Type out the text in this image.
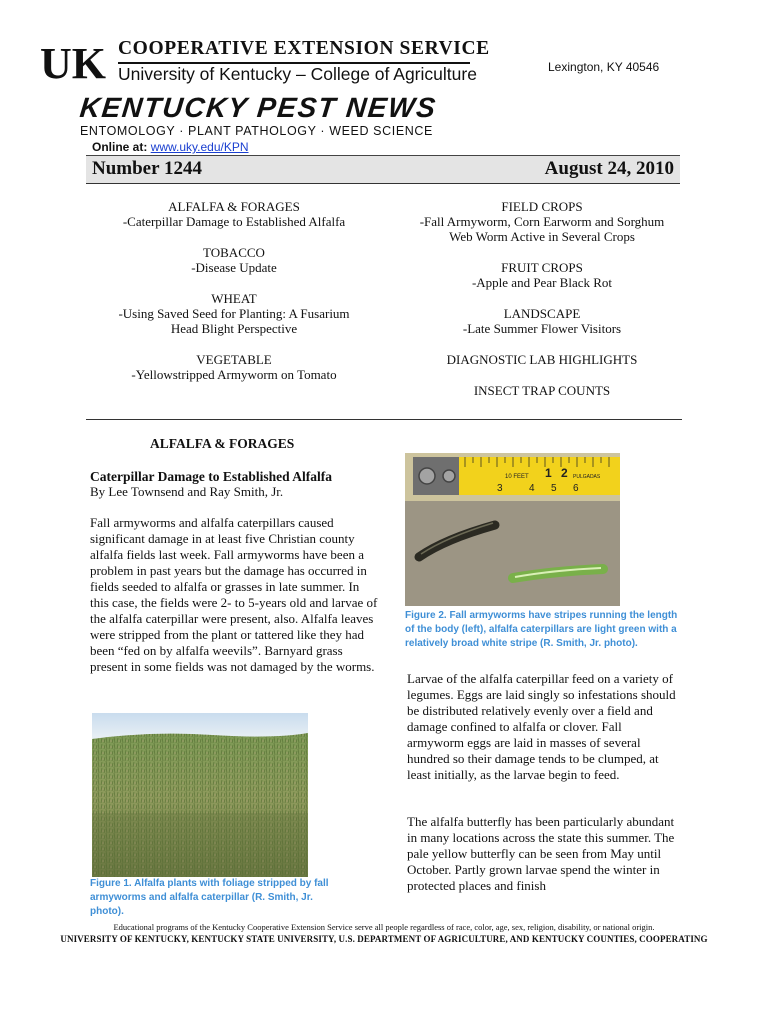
UK COOPERATIVE EXTENSION SERVICE
University of Kentucky – College of Agriculture	Lexington, KY 40546
KENTUCKY PEST NEWS
ENTOMOLOGY · PLANT PATHOLOGY · WEED SCIENCE
Online at: www.uky.edu/KPN
Number 1244	August 24, 2010
ALFALFA & FORAGES
-Caterpillar Damage to Established Alfalfa
TOBACCO
-Disease Update
WHEAT
-Using Saved Seed for Planting: A Fusarium
Head Blight Perspective
VEGETABLE
-Yellowstripped Armyworm on Tomato
FIELD CROPS
-Fall Armyworm, Corn Earworm and Sorghum
Web Worm Active in Several Crops
FRUIT CROPS
-Apple and Pear Black Rot
LANDSCAPE
-Late Summer Flower Visitors
DIAGNOSTIC LAB HIGHLIGHTS
INSECT TRAP COUNTS
ALFALFA & FORAGES
Caterpillar Damage to Established Alfalfa
By Lee Townsend and Ray Smith, Jr.
Fall armyworms and alfalfa caterpillars caused significant damage in at least five Christian county alfalfa fields last week. Fall armyworms have been a problem in past years but the damage has occurred in fields seeded to alfalfa or grasses in late summer. In this case, the fields were 2- to 5-years old and larvae of the alfalfa caterpillar were present, also. Alfalfa leaves were stripped from the plant or tattered like they had been “fed on by alfalfa weevils”. Barnyard grass present in some fields was not damaged by the worms.
Figure 1. Alfalfa plants with foliage stripped by fall armyworms and alfalfa caterpillar (R. Smith, Jr. photo).
10 FEET	PULGADAS
1 2
3	4 5 6
Figure 2. Fall armyworms have stripes running the length of the body (left), alfalfa caterpillars are light green with a relatively broad white stripe (R. Smith, Jr. photo).
Larvae of the alfalfa caterpillar feed on a variety of legumes. Eggs are laid singly so infestations should be distributed relatively evenly over a field and damage confined to alfalfa or clover. Fall armyworm eggs are laid in masses of several hundred so their damage tends to be clumped, at least initially, as the larvae begin to feed.
The alfalfa butterfly has been particularly abundant in many locations across the state this summer. The pale yellow butterfly can be seen from May until October. Partly grown larvae spend the winter in protected places and finish
Educational programs of the Kentucky Cooperative Extension Service serve all people regardless of race, color, age, sex, religion, disability, or national origin.
UNIVERSITY OF KENTUCKY, KENTUCKY STATE UNIVERSITY, U.S. DEPARTMENT OF AGRICULTURE, AND KENTUCKY COUNTIES, COOPERATING
